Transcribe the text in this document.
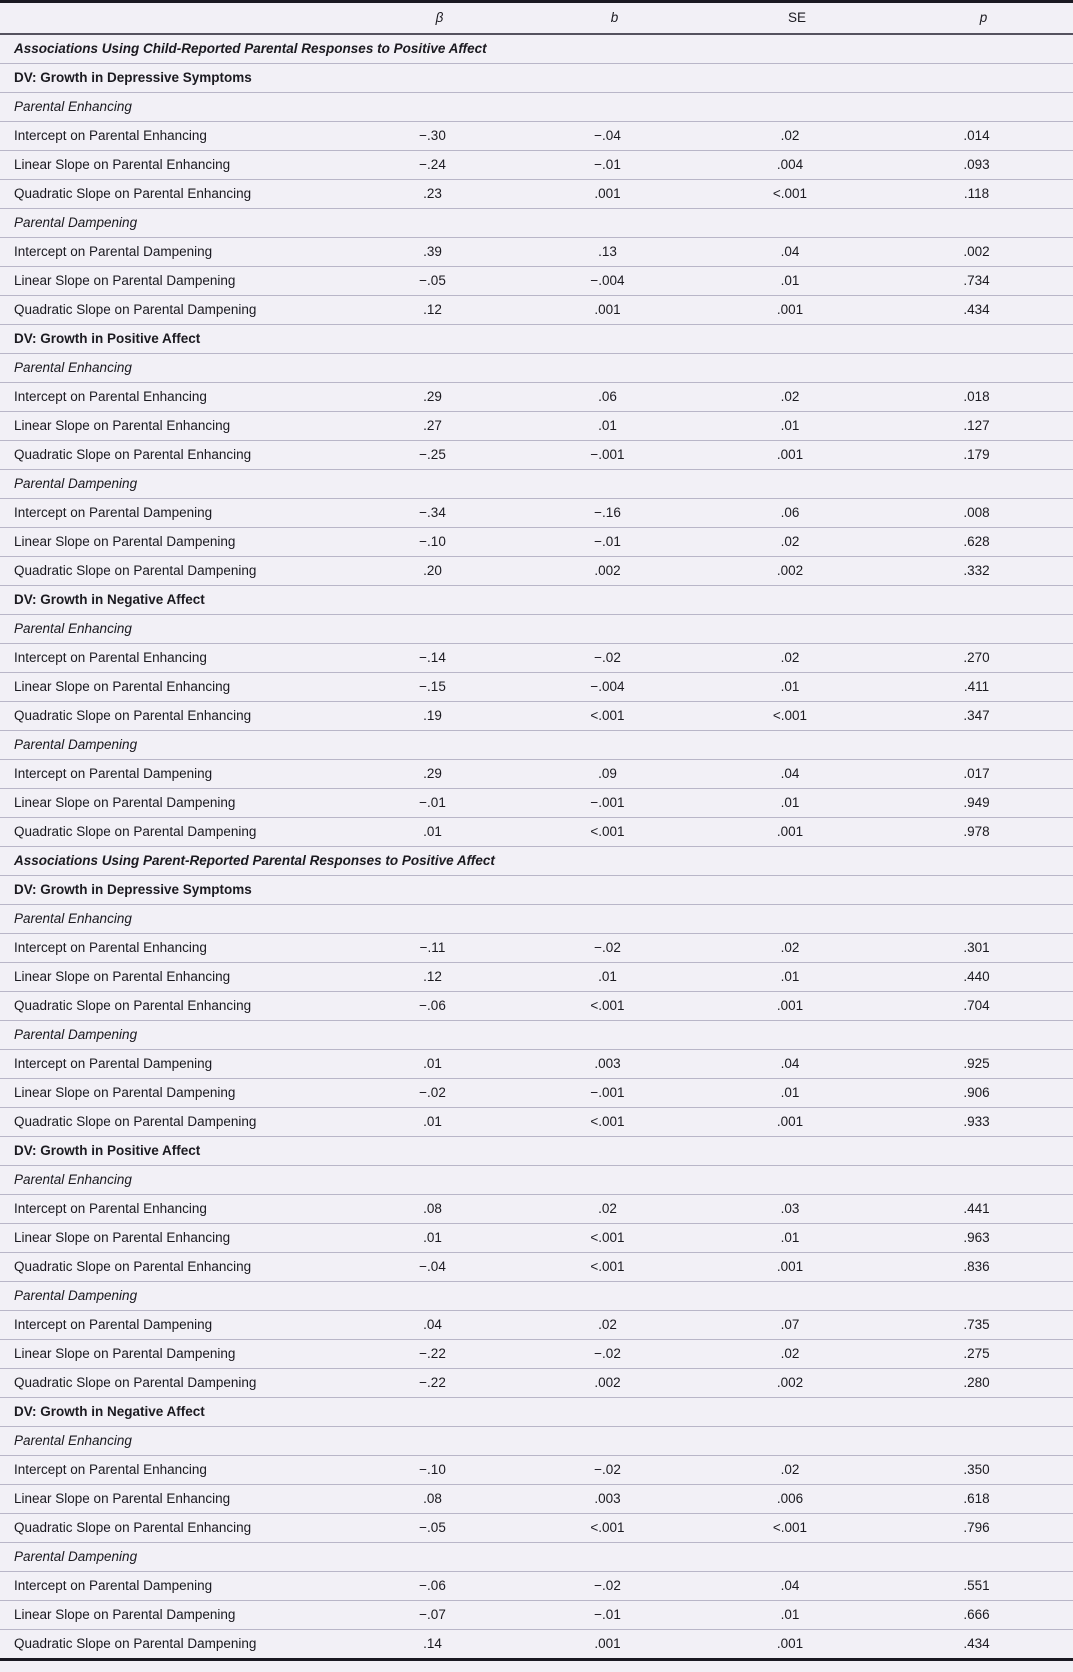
	β	b	SE	p
Associations Using Child-Reported Parental Responses to Positive Affect				
DV: Growth in Depressive Symptoms				
Parental Enhancing				
Intercept on Parental Enhancing	−.30	−.04	.02	.014
Linear Slope on Parental Enhancing	−.24	−.01	.004	.093
Quadratic Slope on Parental Enhancing	.23	.001	<.001	.118
Parental Dampening				
Intercept on Parental Dampening	.39	.13	.04	.002
Linear Slope on Parental Dampening	−.05	−.004	.01	.734
Quadratic Slope on Parental Dampening	.12	.001	.001	.434
DV: Growth in Positive Affect				
Parental Enhancing				
Intercept on Parental Enhancing	.29	.06	.02	.018
Linear Slope on Parental Enhancing	.27	.01	.01	.127
Quadratic Slope on Parental Enhancing	−.25	−.001	.001	.179
Parental Dampening				
Intercept on Parental Dampening	−.34	−.16	.06	.008
Linear Slope on Parental Dampening	−.10	−.01	.02	.628
Quadratic Slope on Parental Dampening	.20	.002	.002	.332
DV: Growth in Negative Affect				
Parental Enhancing				
Intercept on Parental Enhancing	−.14	−.02	.02	.270
Linear Slope on Parental Enhancing	−.15	−.004	.01	.411
Quadratic Slope on Parental Enhancing	.19	<.001	<.001	.347
Parental Dampening				
Intercept on Parental Dampening	.29	.09	.04	.017
Linear Slope on Parental Dampening	−.01	−.001	.01	.949
Quadratic Slope on Parental Dampening	.01	<.001	.001	.978
Associations Using Parent-Reported Parental Responses to Positive Affect				
DV: Growth in Depressive Symptoms				
Parental Enhancing				
Intercept on Parental Enhancing	−.11	−.02	.02	.301
Linear Slope on Parental Enhancing	.12	.01	.01	.440
Quadratic Slope on Parental Enhancing	−.06	<.001	.001	.704
Parental Dampening				
Intercept on Parental Dampening	.01	.003	.04	.925
Linear Slope on Parental Dampening	−.02	−.001	.01	.906
Quadratic Slope on Parental Dampening	.01	<.001	.001	.933
DV: Growth in Positive Affect				
Parental Enhancing				
Intercept on Parental Enhancing	.08	.02	.03	.441
Linear Slope on Parental Enhancing	.01	<.001	.01	.963
Quadratic Slope on Parental Enhancing	−.04	<.001	.001	.836
Parental Dampening				
Intercept on Parental Dampening	.04	.02	.07	.735
Linear Slope on Parental Dampening	−.22	−.02	.02	.275
Quadratic Slope on Parental Dampening	−.22	.002	.002	.280
DV: Growth in Negative Affect				
Parental Enhancing				
Intercept on Parental Enhancing	−.10	−.02	.02	.350
Linear Slope on Parental Enhancing	.08	.003	.006	.618
Quadratic Slope on Parental Enhancing	−.05	<.001	<.001	.796
Parental Dampening				
Intercept on Parental Dampening	−.06	−.02	.04	.551
Linear Slope on Parental Dampening	−.07	−.01	.01	.666
Quadratic Slope on Parental Dampening	.14	.001	.001	.434
